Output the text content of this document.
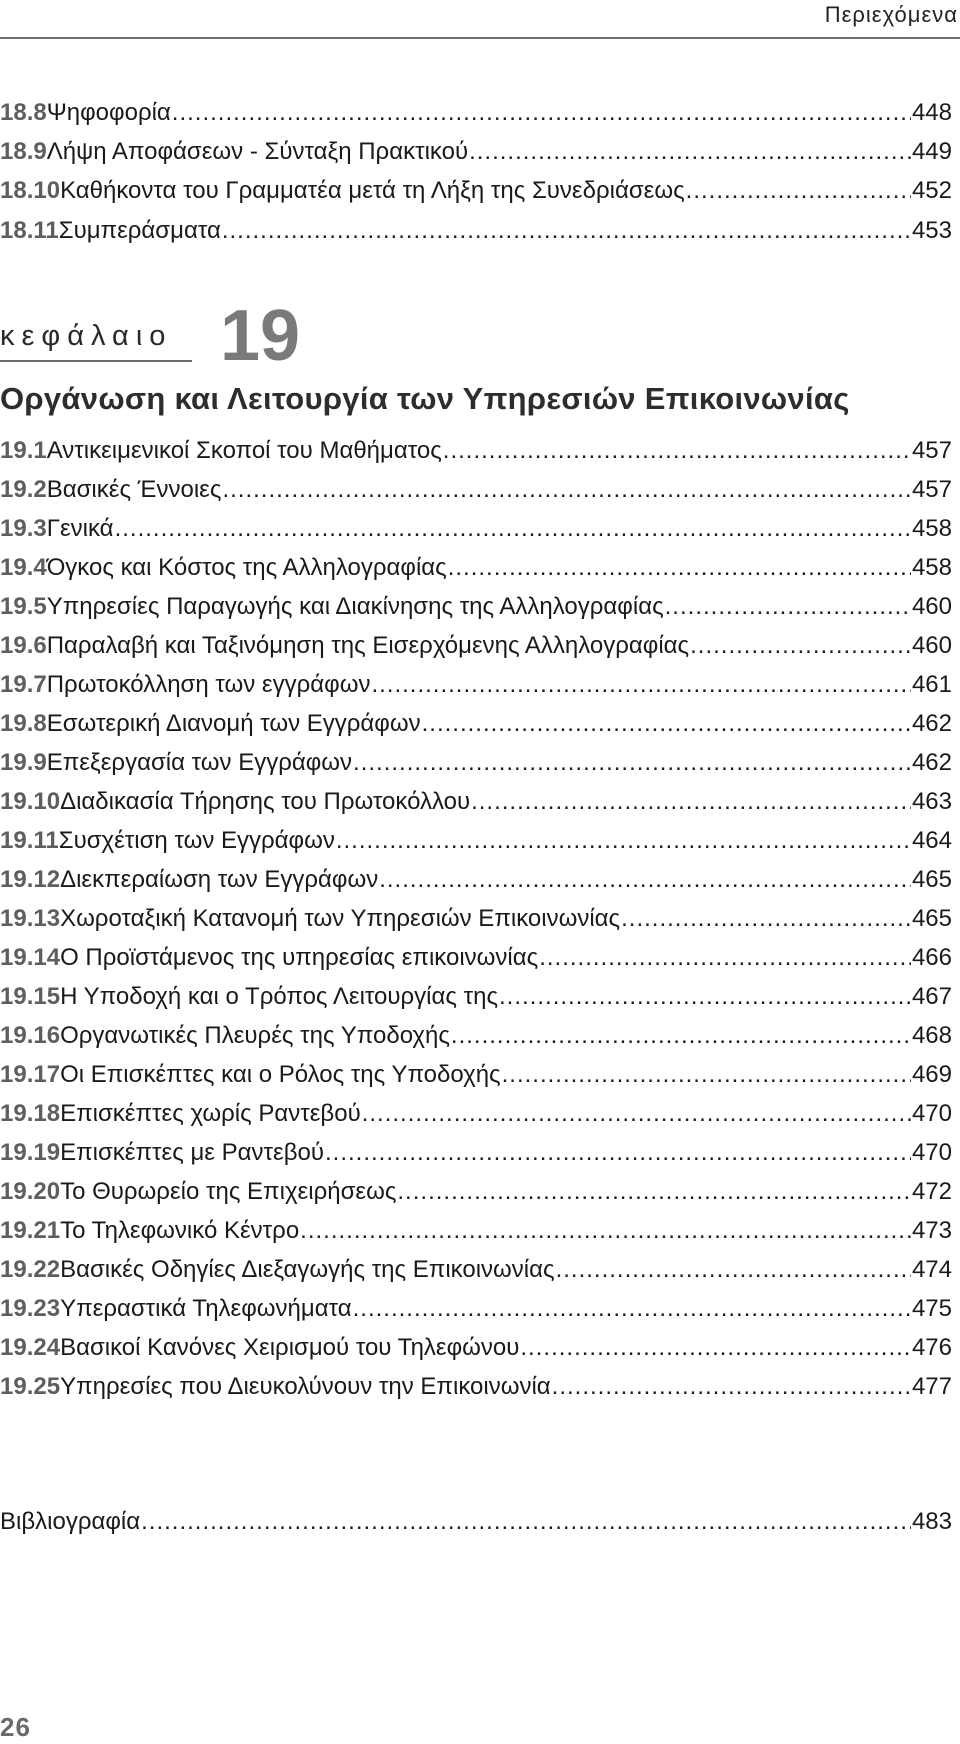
Περιεχόμενα
18.8 Ψηφοφορία .....	448
18.9 Λήψη Αποφάσεων - Σύνταξη Πρακτικού .....	449
18.10 Καθήκοντα του Γραμματέα μετά τη Λήξη της Συνεδριάσεως .....	452
18.11 Συμπεράσματα .....	453
κεφάλαιο 19
Οργάνωση και Λειτουργία των Υπηρεσιών Επικοινωνίας
19.1 Αντικειμενικοί Σκοποί του Μαθήματος .....	457
19.2 Βασικές Έννοιες .....	457
19.3 Γενικά .....	458
19.4 Όγκος και Κόστος της Αλληλογραφίας .....	458
19.5 Υπηρεσίες Παραγωγής και Διακίνησης της Αλληλογραφίας .....	460
19.6 Παραλαβή και Ταξινόμηση της Εισερχόμενης Αλληλογραφίας .....	460
19.7 Πρωτοκόλληση των εγγράφων .....	461
19.8 Εσωτερική Διανομή των Εγγράφων .....	462
19.9 Επεξεργασία των Εγγράφων .....	462
19.10 Διαδικασία Τήρησης του Πρωτοκόλλου .....	463
19.11 Συσχέτιση των Εγγράφων .....	464
19.12 Διεκπεραίωση των Εγγράφων .....	465
19.13 Χωροταξική Κατανομή των Υπηρεσιών Επικοινωνίας .....	465
19.14 Ο Προϊστάμενος της υπηρεσίας επικοινωνίας .....	466
19.15 Η Υποδοχή και ο Τρόπος Λειτουργίας της .....	467
19.16 Οργανωτικές Πλευρές της Υποδοχής .....	468
19.17 Οι Επισκέπτες και ο Ρόλος της Υποδοχής .....	469
19.18 Επισκέπτες χωρίς Ραντεβού .....	470
19.19 Επισκέπτες με Ραντεβού .....	470
19.20 Το Θυρωρείο της Επιχειρήσεως .....	472
19.21 Το Τηλεφωνικό Κέντρο .....	473
19.22 Βασικές Οδηγίες Διεξαγωγής της Επικοινωνίας .....	474
19.23 Υπεραστικά Τηλεφωνήματα .....	475
19.24 Βασικοί Κανόνες Χειρισμού του Τηλεφώνου .....	476
19.25 Υπηρεσίες που Διευκολύνουν την Επικοινωνία .....	477
Βιβλιογραφία .....	483
26
